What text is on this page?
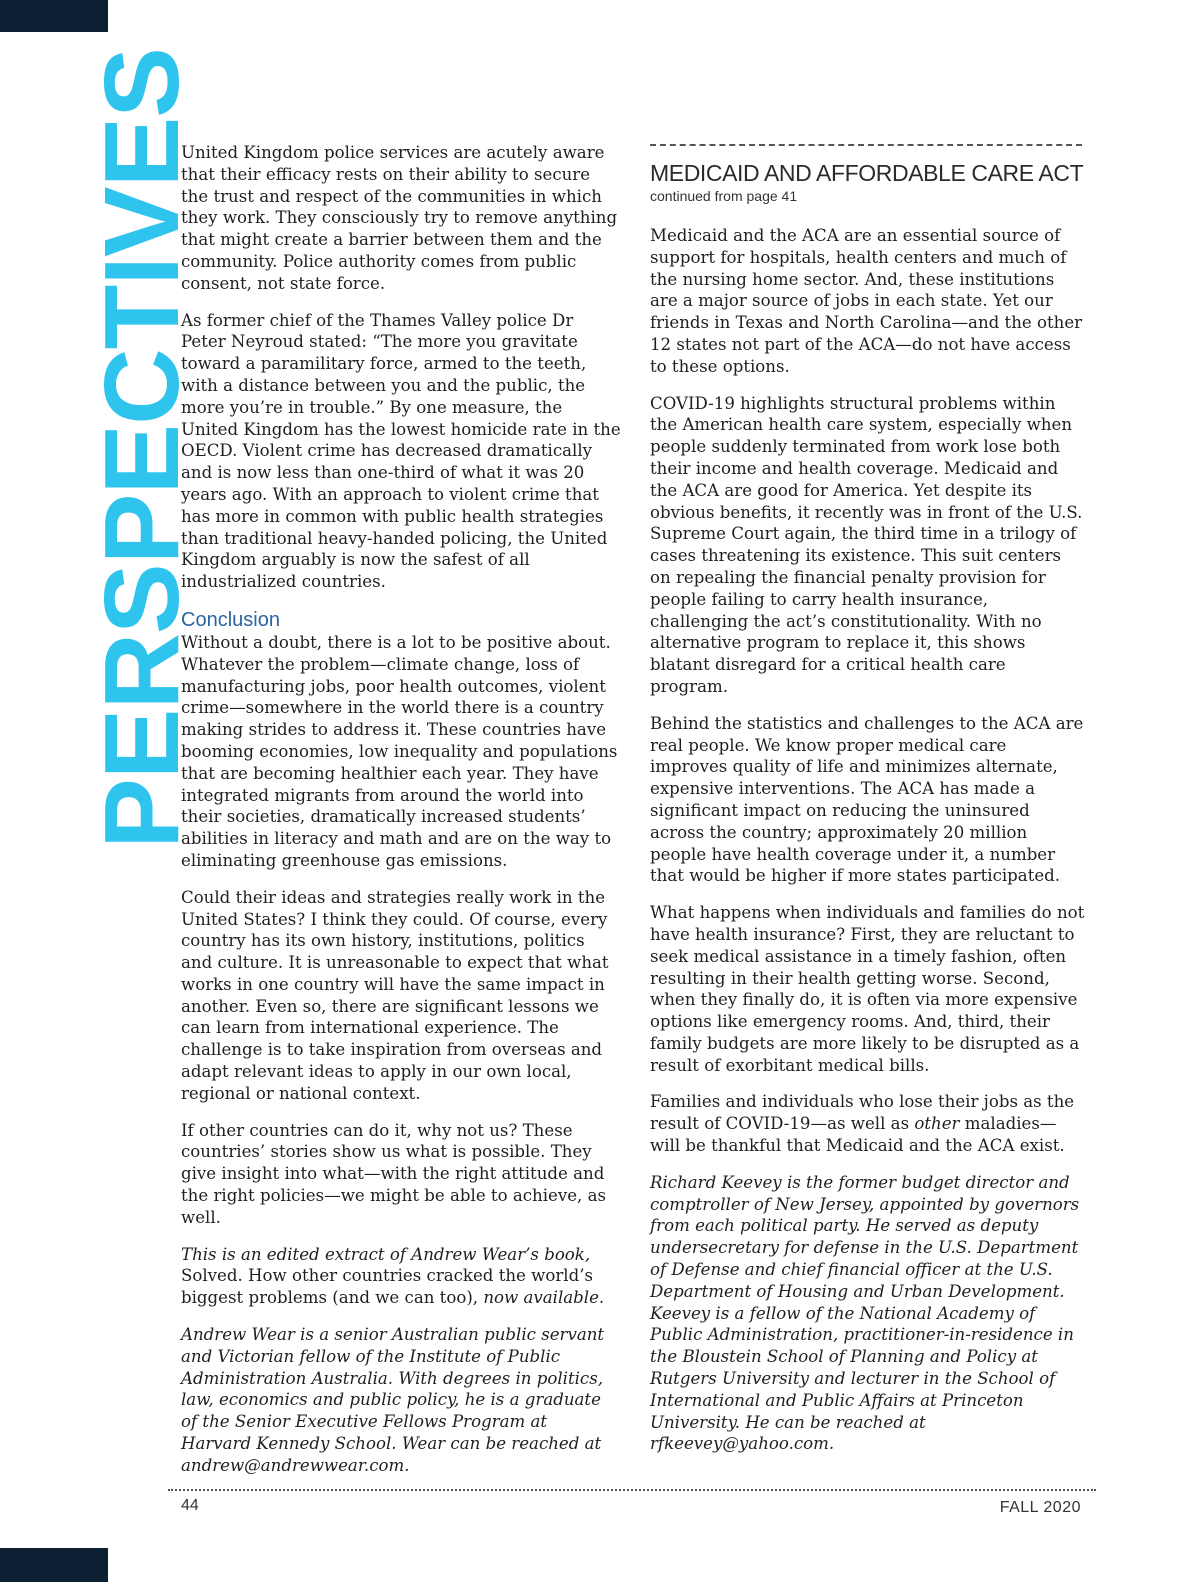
PERSPECTIVES

United Kingdom police services are acutely aware that their efficacy rests on their ability to secure the trust and respect of the communities in which they work. They consciously try to remove anything that might create a barrier between them and the community. Police authority comes from public consent, not state force.

As former chief of the Thames Valley police Dr Peter Neyroud stated: “The more you gravitate toward a paramilitary force, armed to the teeth, with a distance between you and the public, the more you’re in trouble.” By one measure, the United Kingdom has the lowest homicide rate in the OECD. Violent crime has decreased dramatically and is now less than one-third of what it was 20 years ago. With an approach to violent crime that has more in common with public health strategies than traditional heavy-handed policing, the United Kingdom arguably is now the safest of all industrialized countries.

Conclusion

Without a doubt, there is a lot to be positive about. Whatever the problem—climate change, loss of manufacturing jobs, poor health outcomes, violent crime—somewhere in the world there is a country making strides to address it. These countries have booming economies, low inequality and populations that are becoming healthier each year. They have integrated migrants from around the world into their societies, dramatically increased students’ abilities in literacy and math and are on the way to eliminating greenhouse gas emissions.

Could their ideas and strategies really work in the United States? I think they could. Of course, every country has its own history, institutions, politics and culture. It is unreasonable to expect that what works in one country will have the same impact in another. Even so, there are significant lessons we can learn from international experience. The challenge is to take inspiration from overseas and adapt relevant ideas to apply in our own local, regional or national context.

If other countries can do it, why not us? These countries’ stories show us what is possible. They give insight into what—with the right attitude and the right policies—we might be able to achieve, as well.

This is an edited extract of Andrew Wear’s book, Solved. How other countries cracked the world’s biggest problems (and we can too), now available.

Andrew Wear is a senior Australian public servant and Victorian fellow of the Institute of Public Administration Australia. With degrees in politics, law, economics and public policy, he is a graduate of the Senior Executive Fellows Program at Harvard Kennedy School. Wear can be reached at andrew@andrewwear.com.

MEDICAID AND AFFORDABLE CARE ACT
continued from page 41

Medicaid and the ACA are an essential source of support for hospitals, health centers and much of the nursing home sector. And, these institutions are a major source of jobs in each state. Yet our friends in Texas and North Carolina—and the other 12 states not part of the ACA—do not have access to these options.

COVID-19 highlights structural problems within the American health care system, especially when people suddenly terminated from work lose both their income and health coverage. Medicaid and the ACA are good for America. Yet despite its obvious benefits, it recently was in front of the U.S. Supreme Court again, the third time in a trilogy of cases threatening its existence. This suit centers on repealing the financial penalty provision for people failing to carry health insurance, challenging the act’s constitutionality. With no alternative program to replace it, this shows blatant disregard for a critical health care program.

Behind the statistics and challenges to the ACA are real people. We know proper medical care improves quality of life and minimizes alternate, expensive interventions. The ACA has made a significant impact on reducing the uninsured across the country; approximately 20 million people have health coverage under it, a number that would be higher if more states participated.

What happens when individuals and families do not have health insurance? First, they are reluctant to seek medical assistance in a timely fashion, often resulting in their health getting worse. Second, when they finally do, it is often via more expensive options like emergency rooms. And, third, their family budgets are more likely to be disrupted as a result of exorbitant medical bills.

Families and individuals who lose their jobs as the result of COVID-19—as well as other maladies—will be thankful that Medicaid and the ACA exist.

Richard Keevey is the former budget director and comptroller of New Jersey, appointed by governors from each political party. He served as deputy undersecretary for defense in the U.S. Department of Defense and chief financial officer at the U.S. Department of Housing and Urban Development. Keevey is a fellow of the National Academy of Public Administration, practitioner-in-residence in the Bloustein School of Planning and Policy at Rutgers University and lecturer in the School of International and Public Affairs at Princeton University. He can be reached at rfkeevey@yahoo.com.

44	FALL 2020
